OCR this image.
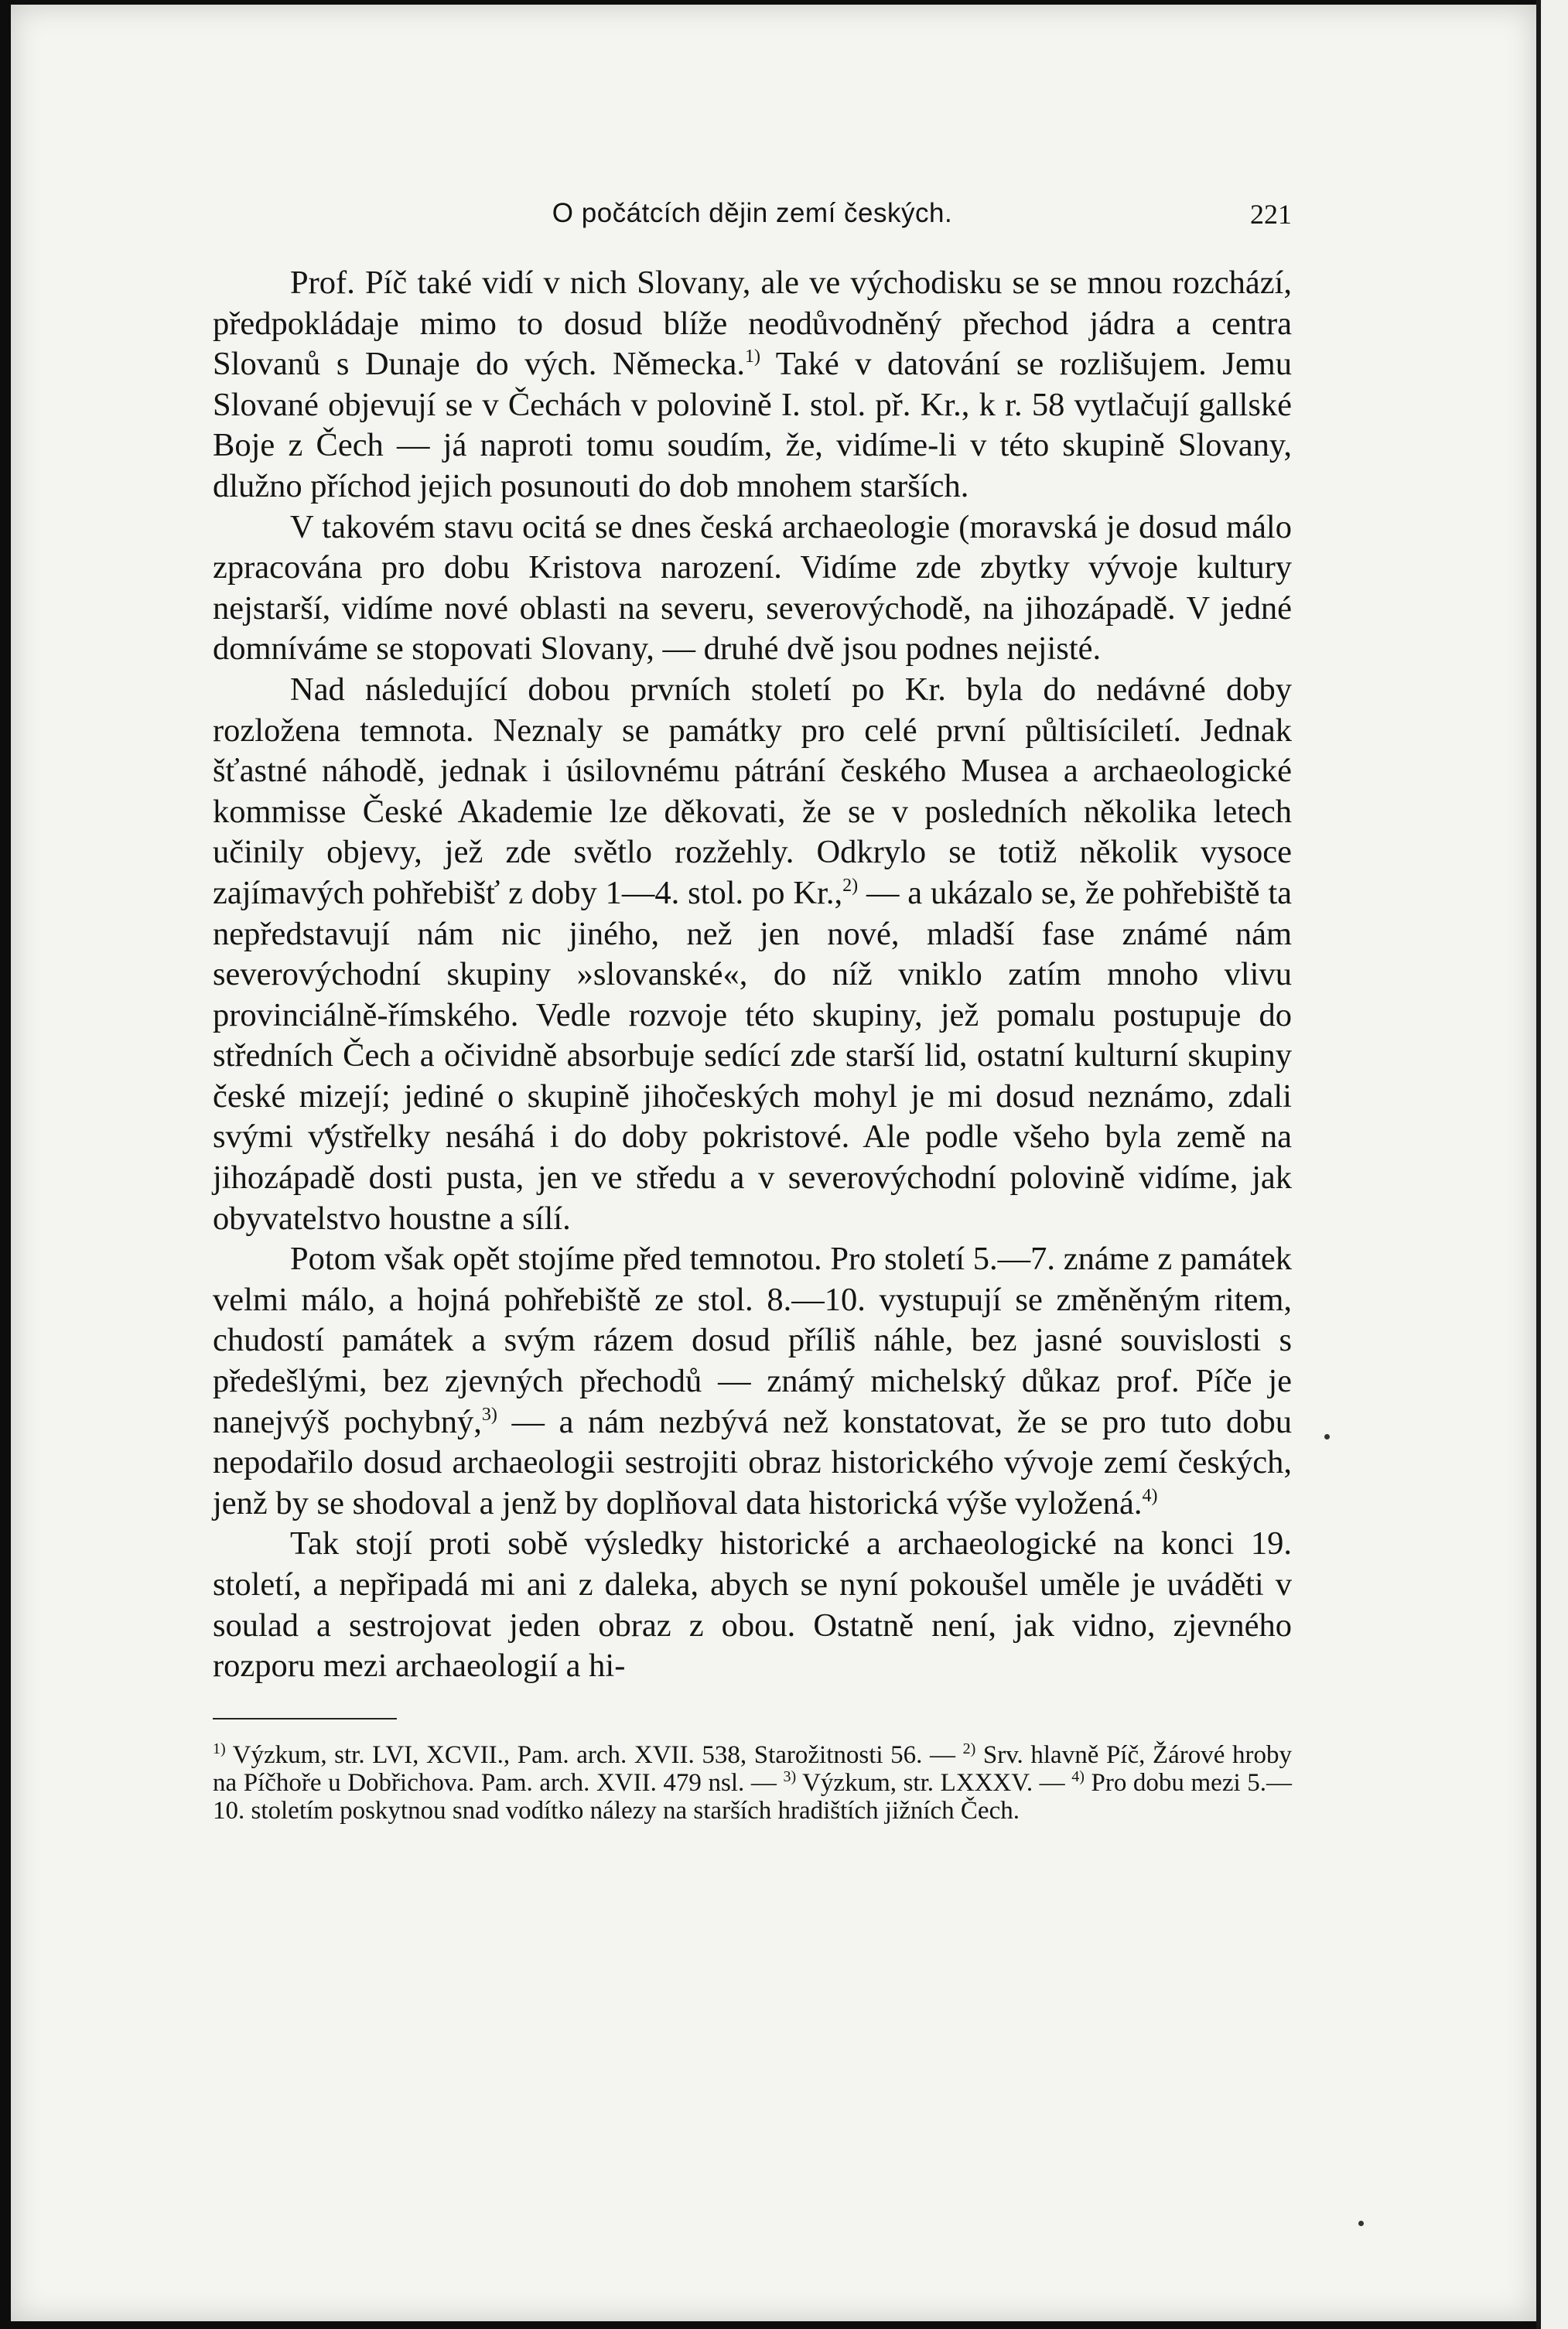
O počátcích dějin zemí českých.	221

Prof. Píč také vidí v nich Slovany, ale ve východisku se se mnou rozchází, předpokládaje mimo to dosud blíže neodůvodněný přechod jádra a centra Slovanů s Dunaje do vých. Německa.$^{1)}$ Také v datování se rozlišujem. Jemu Slované objevují se v Čechách v polovině I. stol. př. Kr., k r. 58 vytlačují gallské Boje z Čech — já naproti tomu soudím, že, vidíme-li v této skupině Slovany, dlužno příchod jejich posunouti do dob mnohem starších.

V takovém stavu ocitá se dnes česká archaeologie (moravská je dosud málo zpracována pro dobu Kristova narození. Vidíme zde zbytky vývoje kultury nejstarší, vidíme nové oblasti na severu, severovýchodě, na jihozápadě. V jedné domníváme se stopovati Slovany, — druhé dvě jsou podnes nejisté.

Nad následující dobou prvních století po Kr. byla do nedávné doby rozložena temnota. Neznaly se památky pro celé první půltisíciletí. Jednak šťastné náhodě, jednak i úsilovnému pátrání českého Musea a archaeologické kommisse České Akademie lze děkovati, že se v posledních několika letech učinily objevy, jež zde světlo rozžehly. Odkrylo se totiž několik vysoce zajímavých pohřebišť z doby 1—4. stol. po Kr.,$^{2)}$ — a ukázalo se, že pohřebiště ta nepředstavují nám nic jiného, než jen nové, mladší fase známé nám severovýchodní skupiny »slovanské«, do níž vniklo zatím mnoho vlivu provinciálně-římského. Vedle rozvoje této skupiny, jež pomalu postupuje do středních Čech a očividně absorbuje sedící zde starší lid, ostatní kulturní skupiny české mizejí; jediné o skupině jihočeských mohyl je mi dosud neznámo, zdali svými výstřelky nesáhá i do doby pokristové. Ale podle všeho byla země na jihozápadě dosti pusta, jen ve středu a v severovýchodní polovině vidíme, jak obyvatelstvo houstne a sílí.

Potom však opět stojíme před temnotou. Pro století 5.—7. známe z památek velmi málo, a hojná pohřebiště ze stol. 8.—10. vystupují se změněným ritem, chudostí památek a svým rázem dosud příliš náhle, bez jasné souvislosti s předešlými, bez zjevných přechodů — známý michelský důkaz prof. Píče je nanejvýš pochybný,$^{3)}$ — a nám nezbývá než konstatovat, že se pro tuto dobu nepodařilo dosud archaeologii sestrojiti obraz historického vývoje zemí českých, jenž by se shodoval a jenž by doplňoval data historická výše vyložená.$^{4)}$

Tak stojí proti sobě výsledky historické a archaeologické na konci 19. století, a nepřipadá mi ani z daleka, abych se nyní pokoušel uměle je uváděti v soulad a sestrojovat jeden obraz z obou. Ostatně není, jak vidno, zjevného rozporu mezi archaeologií a hi-

$^{1)}$ Výzkum, str. LVI, XCVII., Pam. arch. XVII. 538, Starožitnosti 56. — $^{2)}$ Srv. hlavně Píč, Žárové hroby na Píčhoře u Dobřichova. Pam. arch. XVII. 479 nsl. — $^{3)}$ Výzkum, str. LXXXV. — $^{4)}$ Pro dobu mezi 5.—10. stoletím poskytnou snad vodítko nálezy na starších hradištích jižních Čech.
